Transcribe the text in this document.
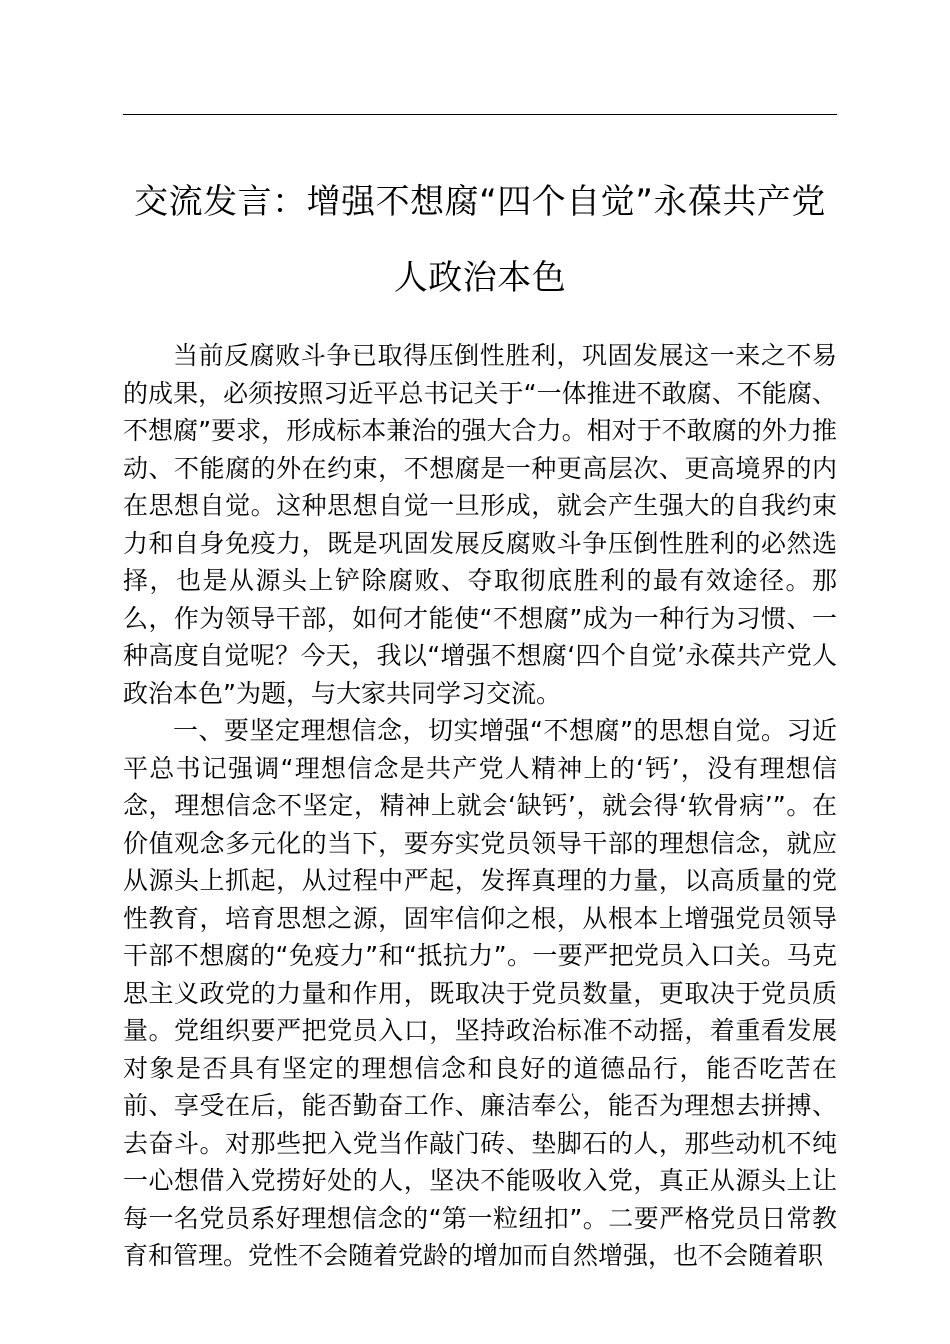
交流发言：增强不想腐“四个自觉”永葆共产党人政治本色

当前反腐败斗争已取得压倒性胜利，巩固发展这一来之不易的成果，必须按照习近平总书记关于“一体推进不敢腐、不能腐、不想腐”要求，形成标本兼治的强大合力。相对于不敢腐的外力推动、不能腐的外在约束，不想腐是一种更高层次、更高境界的内在思想自觉。这种思想自觉一旦形成，就会产生强大的自我约束力和自身免疫力，既是巩固发展反腐败斗争压倒性胜利的必然选择，也是从源头上铲除腐败、夺取彻底胜利的最有效途径。那么，作为领导干部，如何才能使“不想腐”成为一种行为习惯、一种高度自觉呢？今天，我以“增强不想腐‘四个自觉’永葆共产党人政治本色”为题，与大家共同学习交流。

一、要坚定理想信念，切实增强“不想腐”的思想自觉。习近平总书记强调“理想信念是共产党人精神上的‘钙’，没有理想信念，理想信念不坚定，精神上就会‘缺钙’，就会得‘软骨病’”。在价值观念多元化的当下，要夯实党员领导干部的理想信念，就应从源头上抓起，从过程中严起，发挥真理的力量，以高质量的党性教育，培育思想之源，固牢信仰之根，从根本上增强党员领导干部不想腐的“免疫力”和“抵抗力”。一要严把党员入口关。马克思主义政党的力量和作用，既取决于党员数量，更取决于党员质量。党组织要严把党员入口，坚持政治标准不动摇，着重看发展对象是否具有坚定的理想信念和良好的道德品行，能否吃苦在前、享受在后，能否勤奋工作、廉洁奉公，能否为理想去拼搏、去奋斗。对那些把入党当作敲门砖、垫脚石的人，那些动机不纯一心想借入党捞好处的人，坚决不能吸收入党，真正从源头上让每一名党员系好理想信念的“第一粒纽扣”。二要严格党员日常教育和管理。党性不会随着党龄的增加而自然增强，也不会随着职
